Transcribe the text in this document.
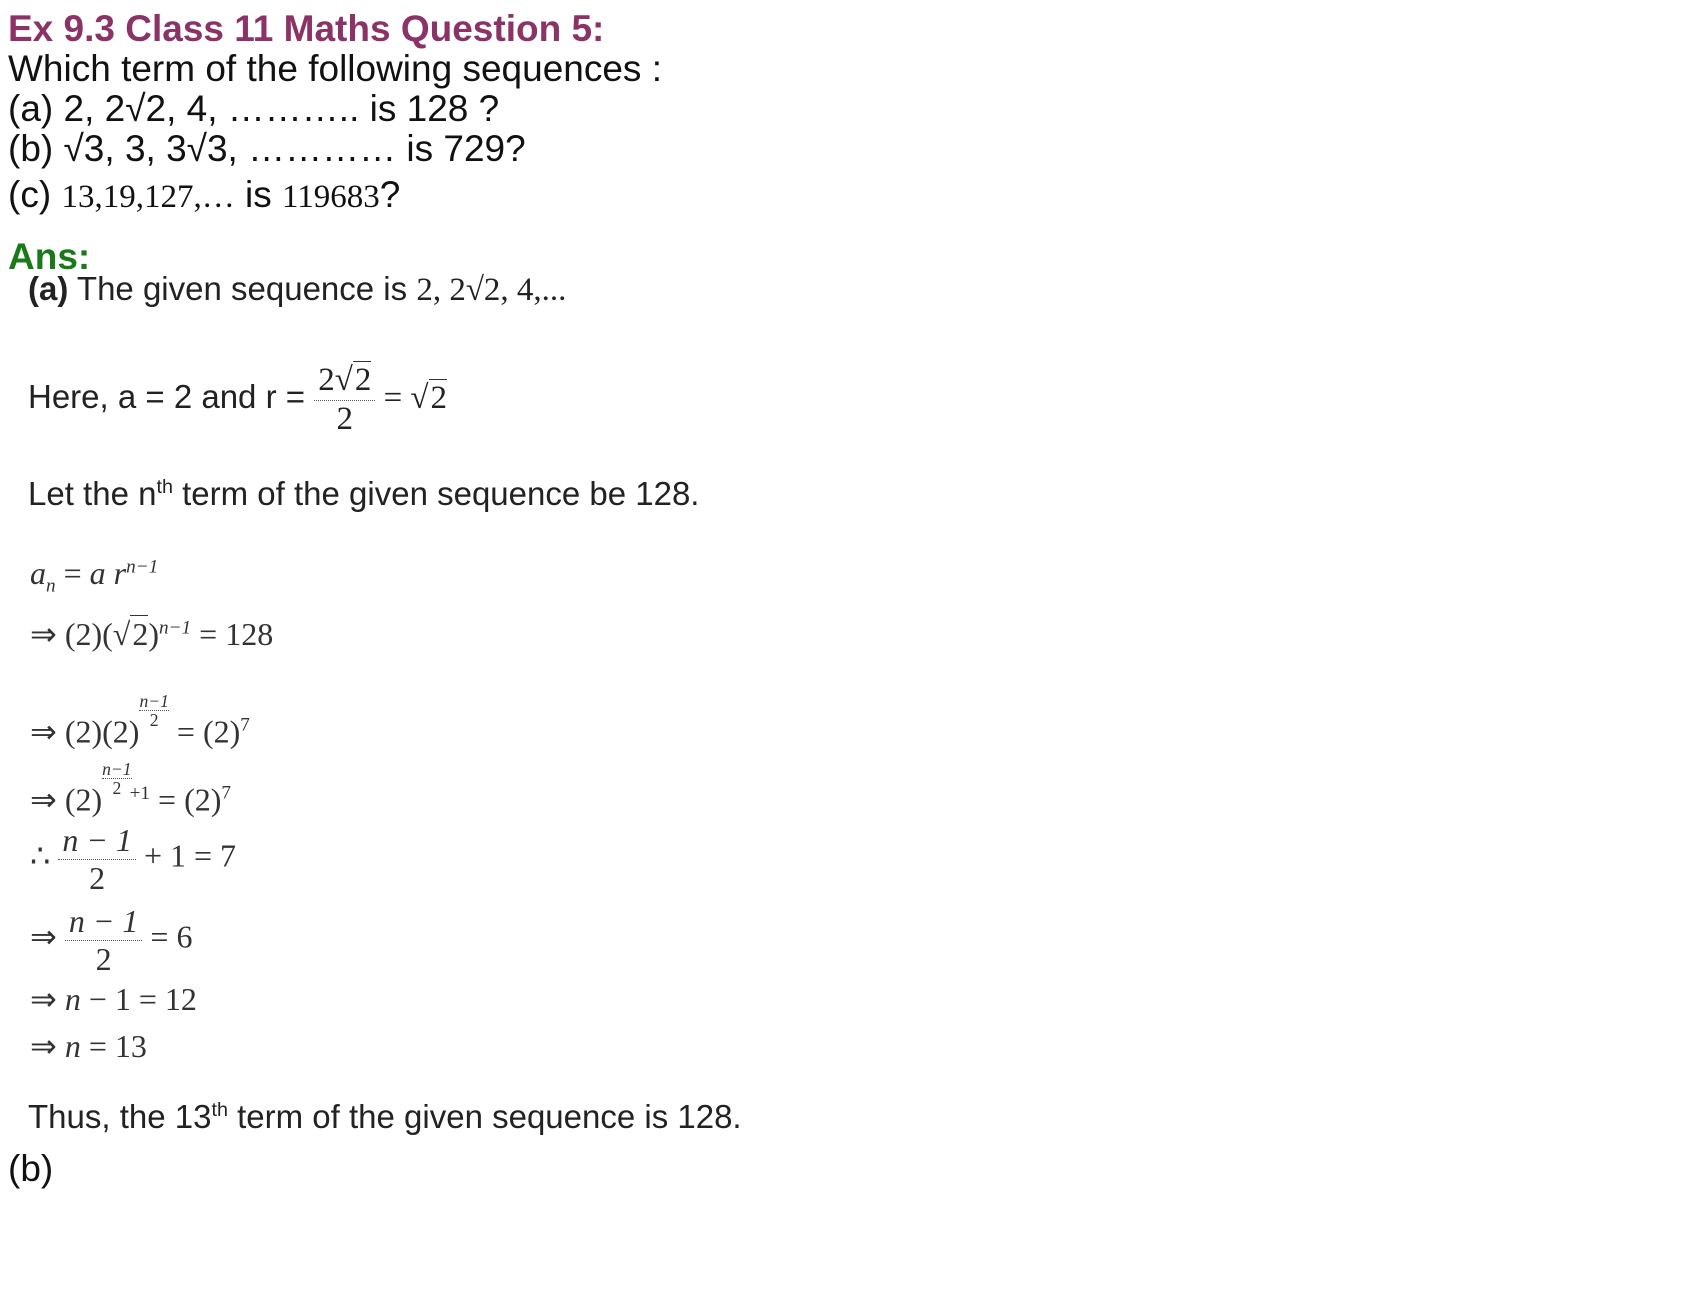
Ex 9.3 Class 11 Maths Question 5:
Which term of the following sequences :
(a) 2, 2√2, 4, ……….. is 128 ?
(b) √3, 3, 3√3, ………… is 729?
(c) 13,19,127,… is 119683?
Ans:
(a) The given sequence is 2, 2√2, 4,...
Here, a = 2 and $r = \frac{2√2}{2} = √2$
Let the $n^{th}$ term of the given sequence be 128.
$a_n = a$ $r^{n-1}$
⇒ $(2)(√2)^{n-1} = 128$
⇒ (2)(2)
$\frac{n-1}{2} = (2)^7$
⇒ (2)
$\frac{n-1}{2}^{+1} = (2)^7$
∴ $\frac{n - 1}{2} + 1 = 7$
⇒ $\frac{n - 1}{2} = 6$
⇒ n − 1 = 12
⇒ n = 13
Thus, the 13th term of the given sequence is 128.
(b)
